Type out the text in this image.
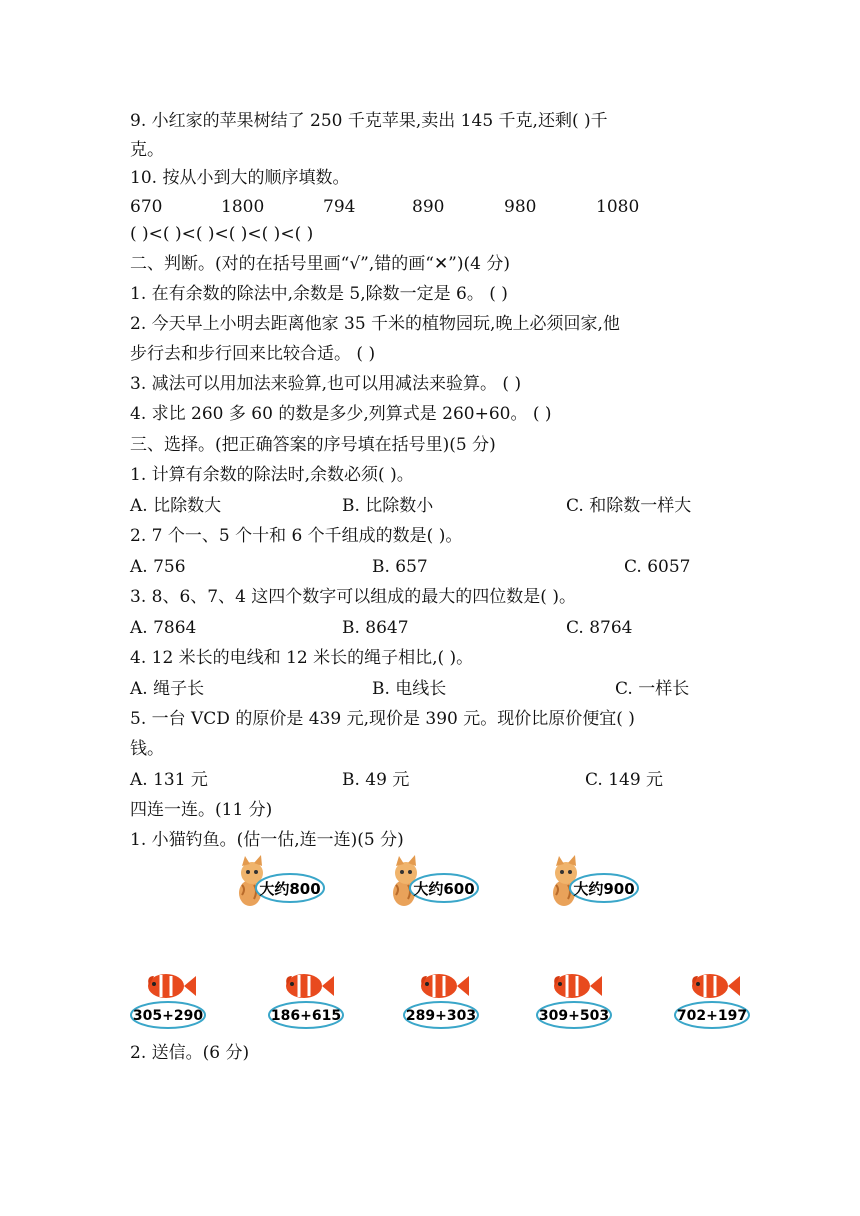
9. 小红家的苹果树结了 250 千克苹果,卖出 145 千克,还剩( )千
克。
10. 按从小到大的顺序填数。
670	1800	794	890	980	1080
( )<( )<( )<( )<( )<( )
二、判断。(对的在括号里画“√”,错的画“✕”)(4 分)
1. 在有余数的除法中,余数是 5,除数一定是 6。 ( )
2. 今天早上小明去距离他家 35 千米的植物园玩,晚上必须回家,他
步行去和步行回来比较合适。 ( )
3. 减法可以用加法来验算,也可以用减法来验算。 ( )
4. 求比 260 多 60 的数是多少,列算式是 260+60。 ( )
三、选择。(把正确答案的序号填在括号里)(5 分)
1. 计算有余数的除法时,余数必须( )。
A. 比除数大	B. 比除数小	C. 和除数一样大
2. 7 个一、5 个十和 6 个千组成的数是( )。
A. 756	B. 657	C. 6057
3. 8、6、7、4 这四个数字可以组成的最大的四位数是( )。
A. 7864	B. 8647	C. 8764
4. 12 米长的电线和 12 米长的绳子相比,( )。
A. 绳子长	B. 电线长	C. 一样长
5. 一台 VCD 的原价是 439 元,现价是 390 元。现价比原价便宜( )
钱。
A. 131 元	B. 49 元	C. 149 元
四连一连。(11 分)
1. 小猫钓鱼。(估一估,连一连)(5 分)
大约800	大约600	大约900
305+290	186+615	289+303	309+503	702+197
2. 送信。(6 分)
